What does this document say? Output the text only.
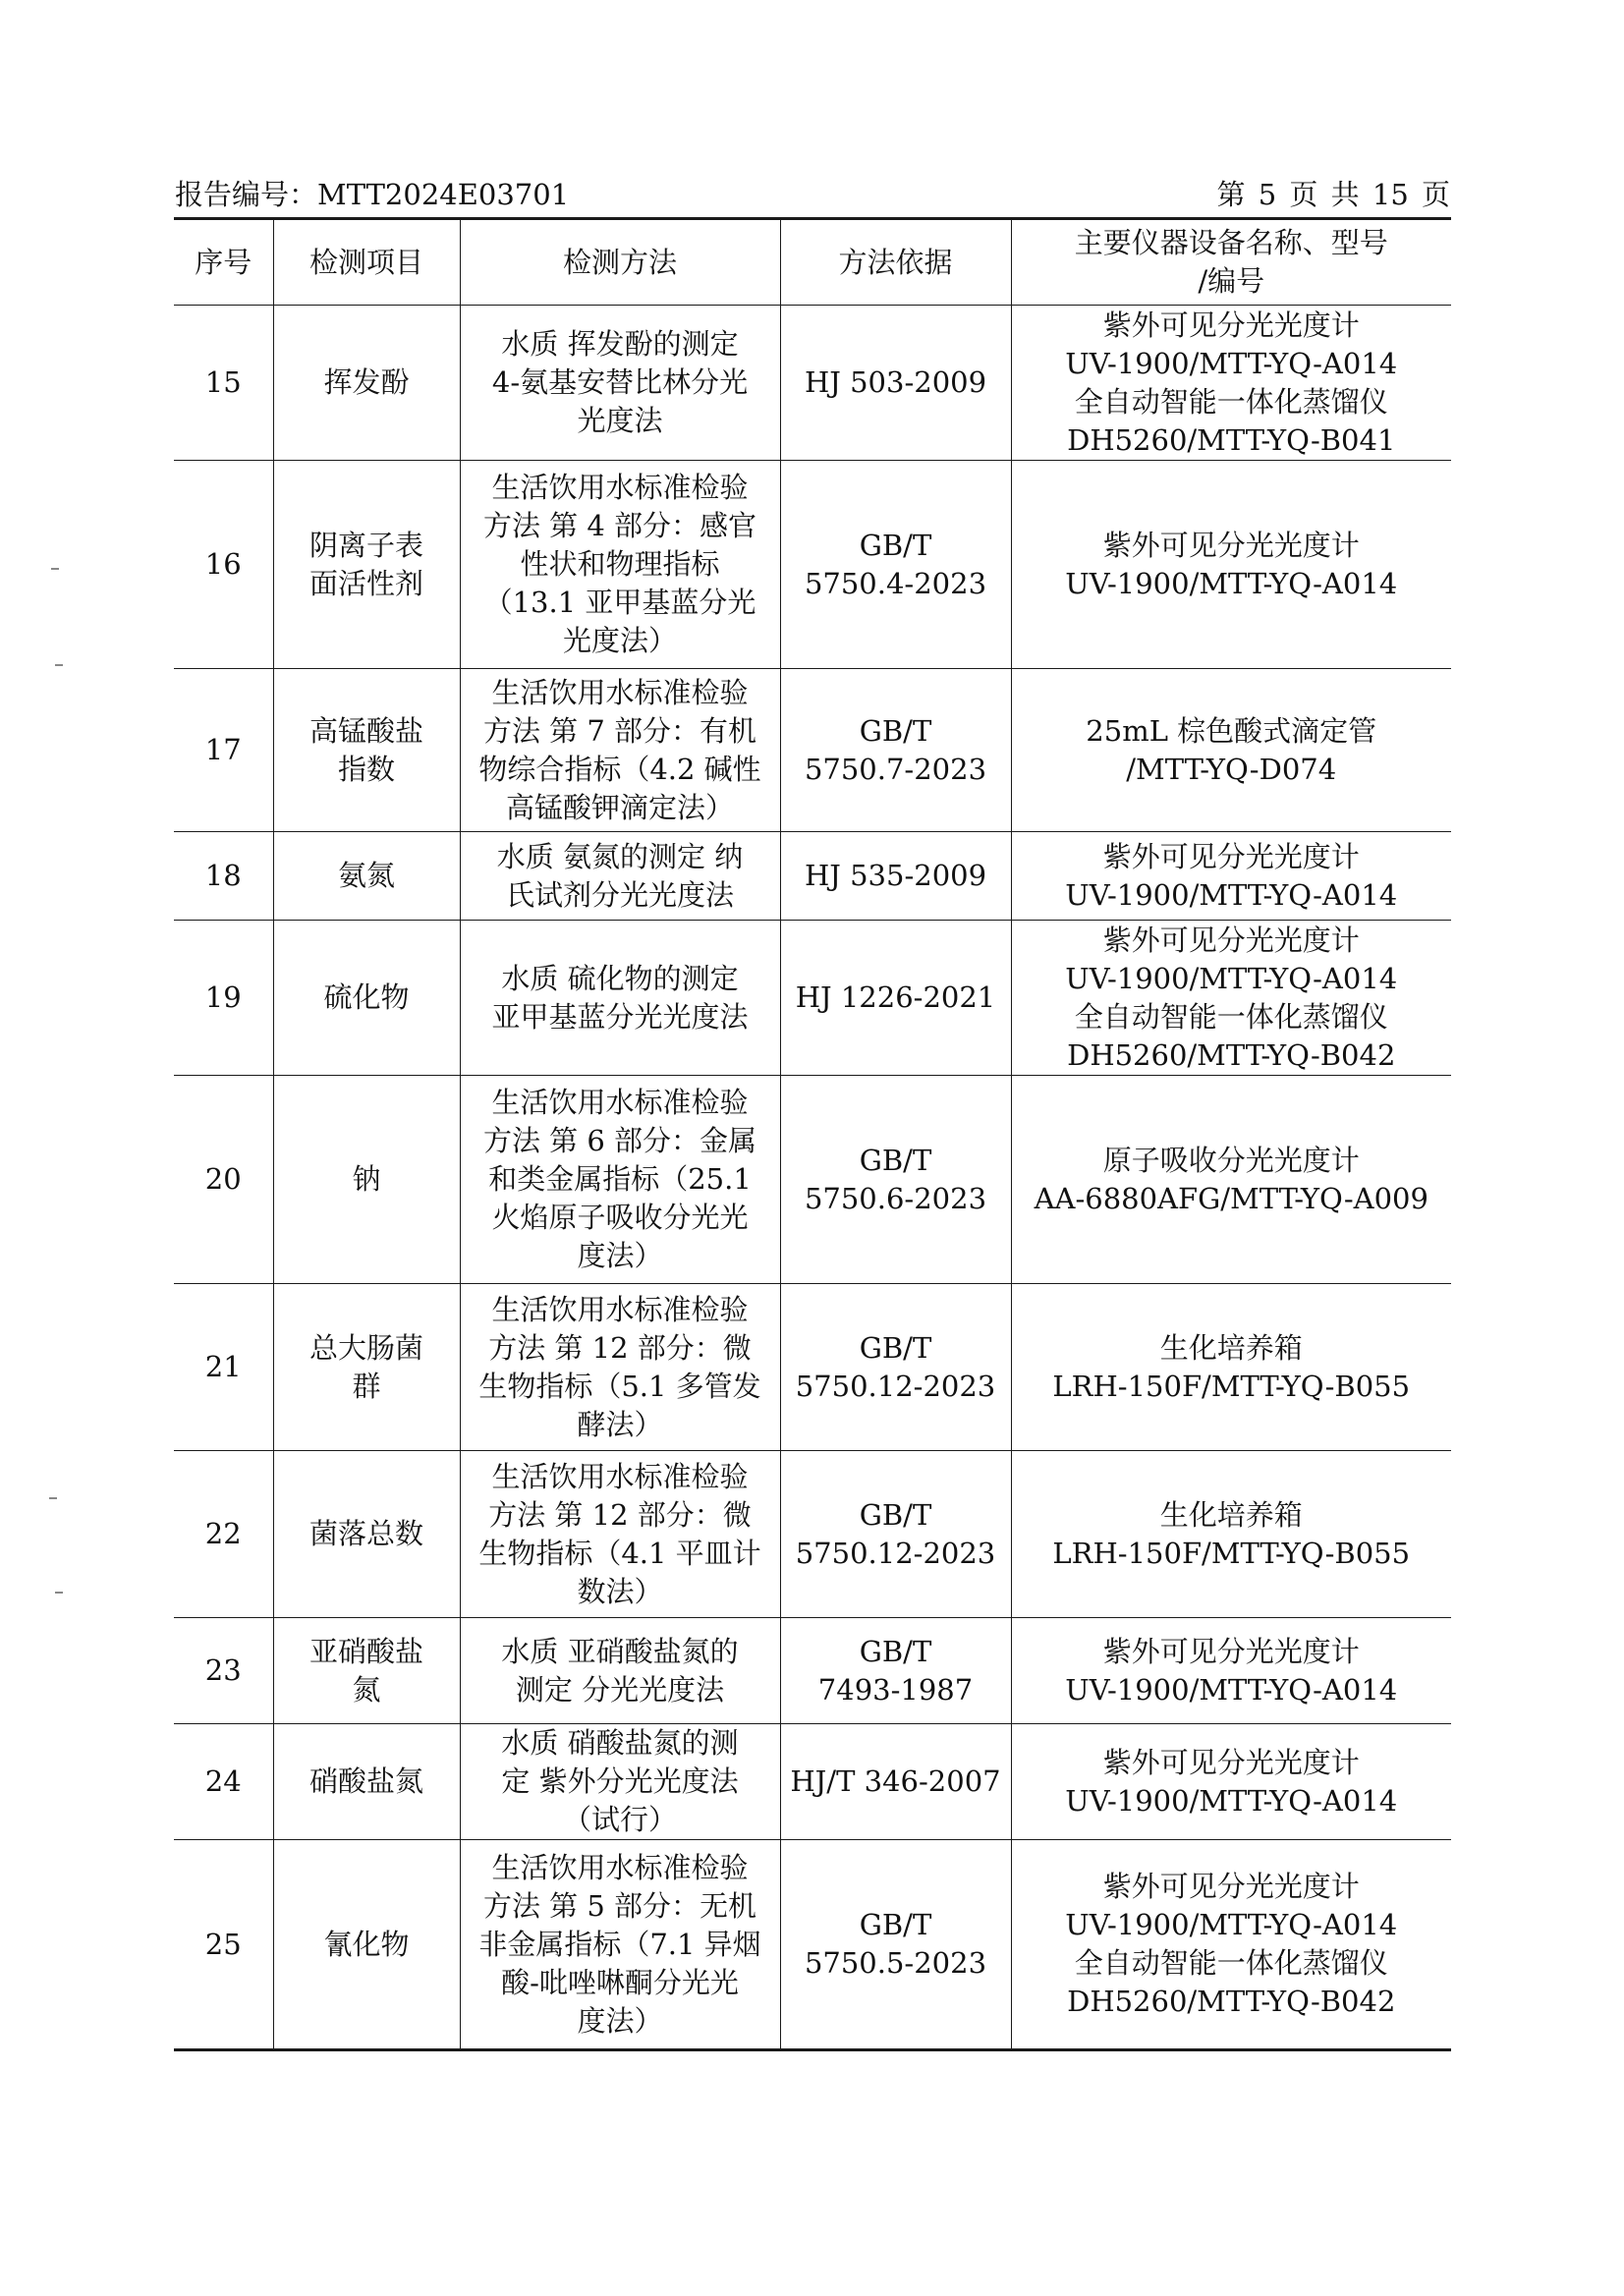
报告编号：MTT2024E03701	第 5 页 共 15 页
序号	检测项目	检测方法	方法依据	主要仪器设备名称、型号
/编号

15	挥发酚	水质 挥发酚的测定
4-氨基安替比林分光
光度法	HJ 503-2009	紫外可见分光光度计
UV-1900/MTT-YQ-A014
全自动智能一体化蒸馏仪
DH5260/MTT-YQ-B041

16	阴离子表
面活性剂	生活饮用水标准检验
方法 第 4 部分：感官
性状和物理指标
（13.1 亚甲基蓝分光
光度法）	GB/T
5750.4-2023	紫外可见分光光度计
UV-1900/MTT-YQ-A014

17	高锰酸盐
指数	生活饮用水标准检验
方法 第 7 部分：有机
物综合指标（4.2 碱性
高锰酸钾滴定法）	GB/T
5750.7-2023	25mL 棕色酸式滴定管
/MTT-YQ-D074

18	氨氮	水质 氨氮的测定 纳
氏试剂分光光度法	HJ 535-2009	紫外可见分光光度计
UV-1900/MTT-YQ-A014

19	硫化物	水质 硫化物的测定
亚甲基蓝分光光度法	HJ 1226-2021	紫外可见分光光度计
UV-1900/MTT-YQ-A014
全自动智能一体化蒸馏仪
DH5260/MTT-YQ-B042

20	钠	生活饮用水标准检验
方法 第 6 部分：金属
和类金属指标（25.1
火焰原子吸收分光光
度法）	GB/T
5750.6-2023	原子吸收分光光度计
AA-6880AFG/MTT-YQ-A009

21	总大肠菌
群	生活饮用水标准检验
方法 第 12 部分：微
生物指标（5.1 多管发
酵法）	GB/T
5750.12-2023	生化培养箱
LRH-150F/MTT-YQ-B055

22	菌落总数	生活饮用水标准检验
方法 第 12 部分：微
生物指标（4.1 平皿计
数法）	GB/T
5750.12-2023	生化培养箱
LRH-150F/MTT-YQ-B055

23	亚硝酸盐
氮	水质 亚硝酸盐氮的
测定 分光光度法	GB/T
7493-1987	紫外可见分光光度计
UV-1900/MTT-YQ-A014

24	硝酸盐氮	水质 硝酸盐氮的测
定 紫外分光光度法
（试行）	HJ/T 346-2007	紫外可见分光光度计
UV-1900/MTT-YQ-A014

25	氰化物	生活饮用水标准检验
方法 第 5 部分：无机
非金属指标（7.1 异烟
酸-吡唑啉酮分光光
度法）	GB/T
5750.5-2023	紫外可见分光光度计
UV-1900/MTT-YQ-A014
全自动智能一体化蒸馏仪
DH5260/MTT-YQ-B042
